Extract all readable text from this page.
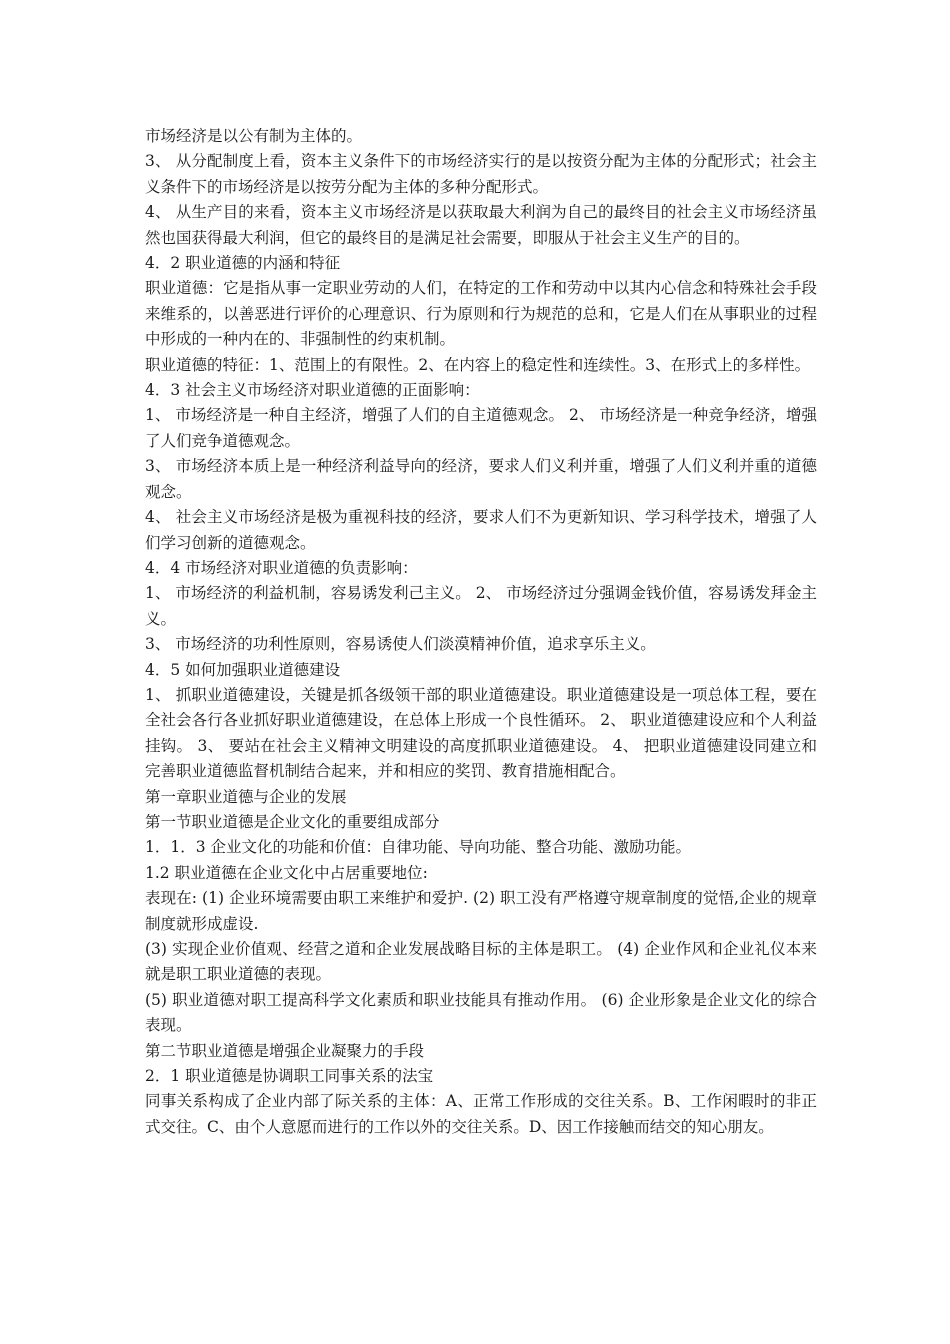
市场经济是以公有制为主体的。

3、 从分配制度上看，资本主义条件下的市场经济实行的是以按资分配为主体的分配形式；社会主义条件下的市场经济是以按劳分配为主体的多种分配形式。

4、 从生产目的来看，资本主义市场经济是以获取最大利润为自己的最终目的社会主义市场经济虽然也国获得最大利润，但它的最终目的是满足社会需要，即服从于社会主义生产的目的。

4．2 职业道德的内涵和特征

职业道德：它是指从事一定职业劳动的人们，在特定的工作和劳动中以其内心信念和特殊社会手段来维系的，以善恶进行评价的心理意识、行为原则和行为规范的总和，它是人们在从事职业的过程中形成的一种内在的、非强制性的约束机制。

职业道德的特征：1、范围上的有限性。2、在内容上的稳定性和连续性。3、在形式上的多样性。

4．3 社会主义市场经济对职业道德的正面影响：

1、 市场经济是一种自主经济，增强了人们的自主道德观念。 2、 市场经济是一种竞争经济，增强了人们竞争道德观念。

3、 市场经济本质上是一种经济利益导向的经济，要求人们义利并重，增强了人们义利并重的道德观念。

4、 社会主义市场经济是极为重视科技的经济，要求人们不为更新知识、学习科学技术，增强了人们学习创新的道德观念。

4．4 市场经济对职业道德的负责影响：

1、 市场经济的利益机制，容易诱发利己主义。 2、 市场经济过分强调金钱价值，容易诱发拜金主义。

3、 市场经济的功利性原则，容易诱使人们淡漠精神价值，追求享乐主义。

4．5 如何加强职业道德建设

1、 抓职业道德建设，关键是抓各级领干部的职业道德建设。职业道德建设是一项总体工程，要在全社会各行各业抓好职业道德建设，在总体上形成一个良性循环。 2、 职业道德建设应和个人利益挂钩。 3、 要站在社会主义精神文明建设的高度抓职业道德建设。 4、 把职业道德建设同建立和完善职业道德监督机制结合起来，并和相应的奖罚、教育措施相配合。

第一章职业道德与企业的发展

第一节职业道德是企业文化的重要组成部分

1．1．3 企业文化的功能和价值：自律功能、导向功能、整合功能、激励功能。

1.2 职业道德在企业文化中占居重要地位:

表现在: (1) 企业环境需要由职工来维护和爱护. (2) 职工没有严格遵守规章制度的觉悟,企业的规章制度就形成虚设.

(3) 实现企业价值观、经营之道和企业发展战略目标的主体是职工。 (4) 企业作风和企业礼仪本来就是职工职业道德的表现。

(5) 职业道德对职工提高科学文化素质和职业技能具有推动作用。 (6) 企业形象是企业文化的综合表现。

第二节职业道德是增强企业凝聚力的手段

2．1 职业道德是协调职工同事关系的法宝

同事关系构成了企业内部了际关系的主体：A、正常工作形成的交往关系。B、工作闲暇时的非正式交往。C、由个人意愿而进行的工作以外的交往关系。D、因工作接触而结交的知心朋友。
